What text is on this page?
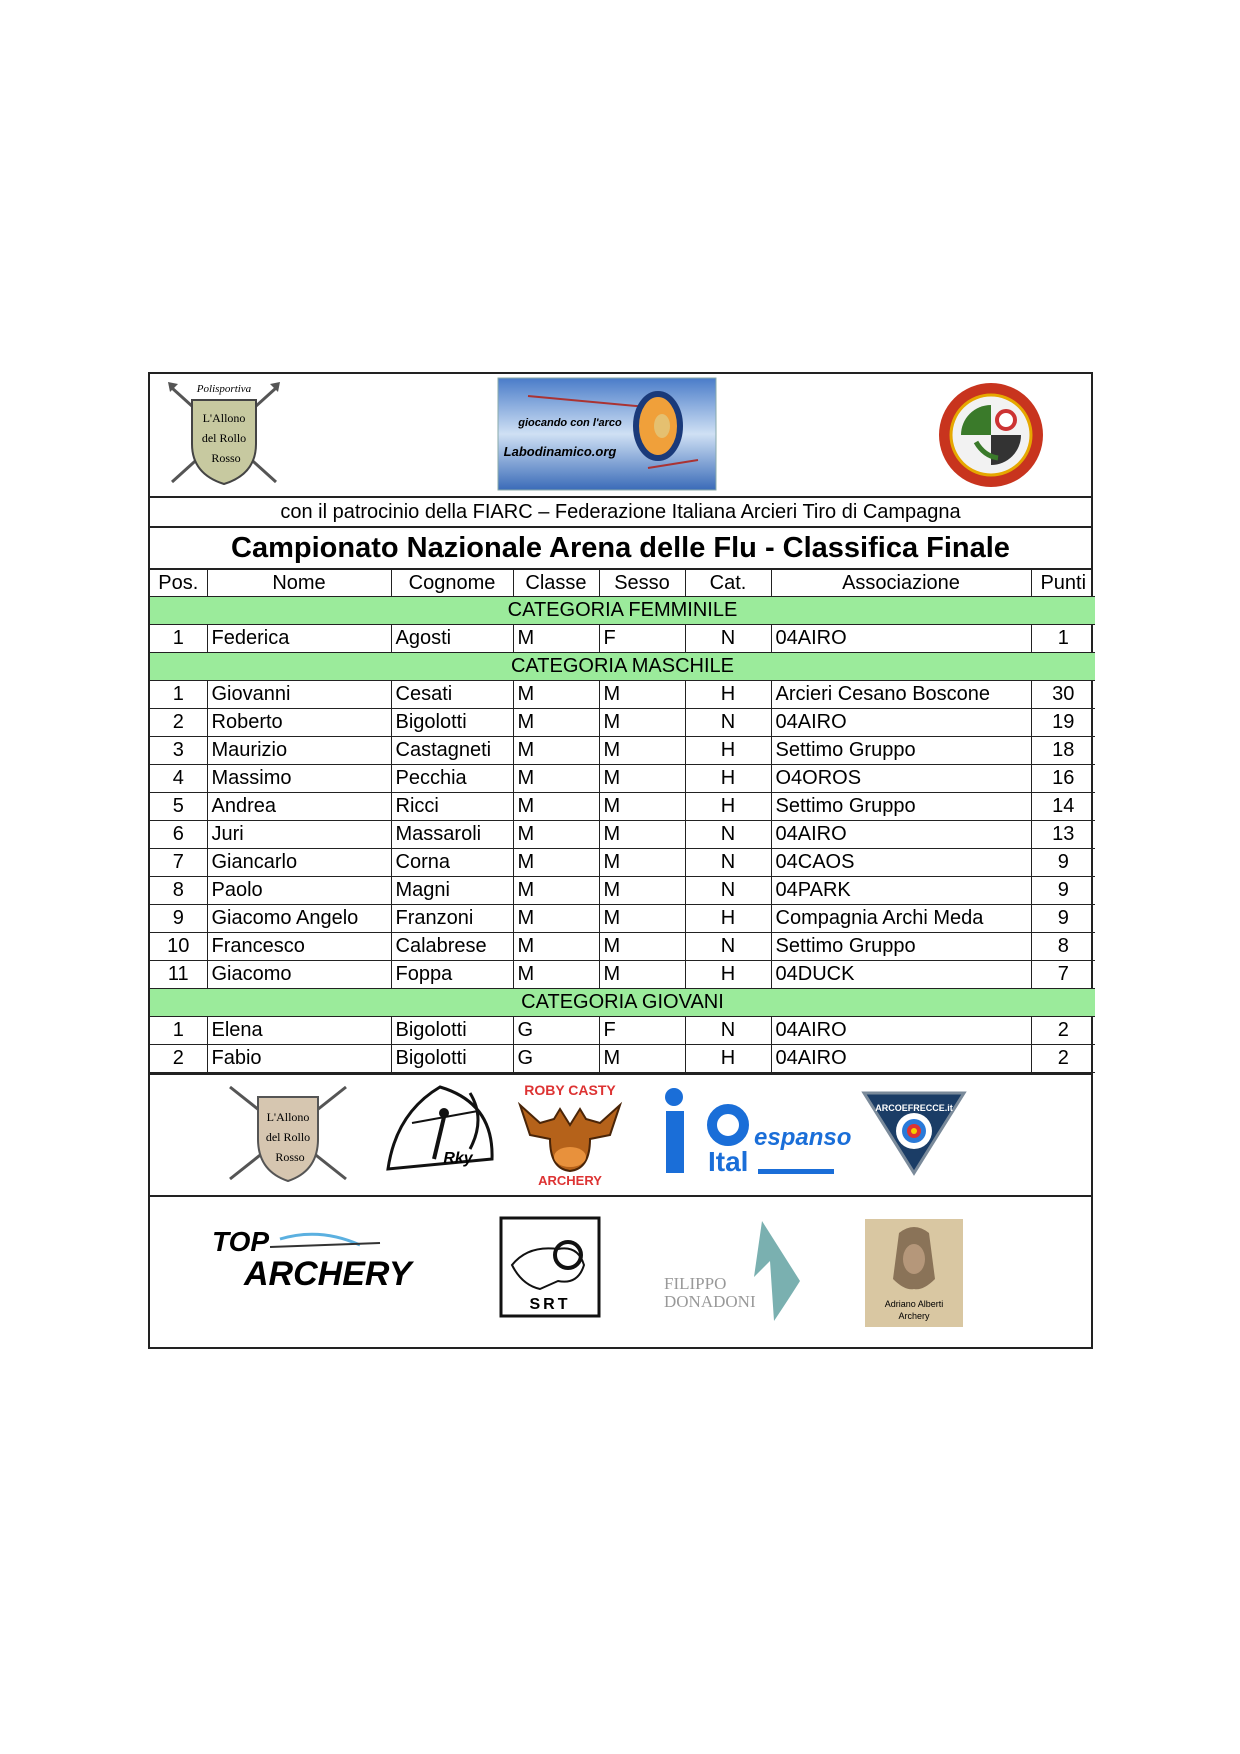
Polisportiva
L'Allono
del Rollo
Rosso
giocando con l'arco
Labodinamico.org
con il patrocinio della FIARC – Federazione Italiana Arcieri Tiro di Campagna
Campionato Nazionale Arena delle Flu - Classifica Finale
Pos.	Nome	Cognome	Classe	Sesso	Cat.	Associazione	Punti
CATEGORIA FEMMINILE							
1	Federica	Agosti	M	F	N	04AIRO	1
CATEGORIA MASCHILE							
1	Giovanni	Cesati	M	M	H	Arcieri Cesano Boscone	30
2	Roberto	Bigolotti	M	M	N	04AIRO	19
3	Maurizio	Castagneti	M	M	H	Settimo Gruppo	18
4	Massimo	Pecchia	M	M	H	O4OROS	16
5	Andrea	Ricci	M	M	H	Settimo Gruppo	14
6	Juri	Massaroli	M	M	N	04AIRO	13
7	Giancarlo	Corna	M	M	N	04CAOS	9
8	Paolo	Magni	M	M	N	04PARK	9
9	Giacomo Angelo	Franzoni	M	M	H	Compagnia Archi Meda	9
10	Francesco	Calabrese	M	M	N	Settimo Gruppo	8
11	Giacomo	Foppa	M	M	H	04DUCK	7
CATEGORIA GIOVANI							
1	Elena	Bigolotti	G	F	N	04AIRO	2
2	Fabio	Bigolotti	G	M	H	04AIRO	2
L'Allono
del Rollo
Rosso	Rky
ROBY CASTY
ARCHERY
Ital
espanso
ARCOEFRECCE.it
TOP
ARCHERY
SRT
FILIPPO
DONADONI	Adriano Alberti
Archery
